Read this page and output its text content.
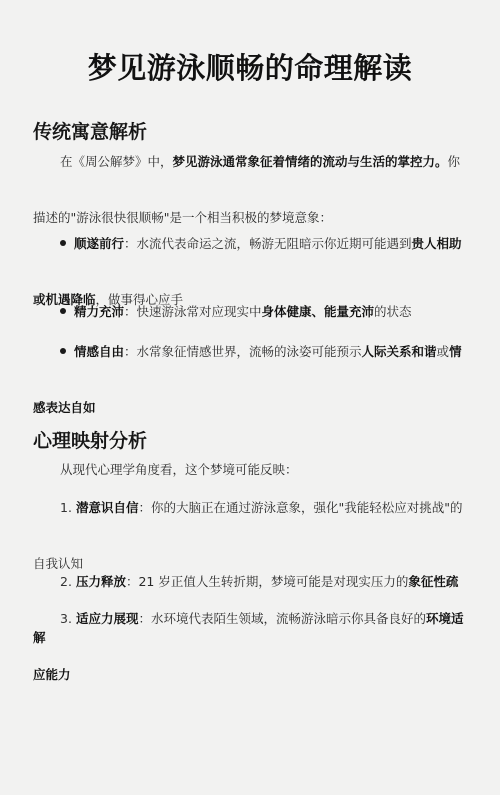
梦见游泳顺畅的命理解读
传统寓意解析
在《周公解梦》中，梦见游泳通常象征着情绪的流动与生活的掌控力。你描述的"游泳很快很顺畅"是一个相当积极的梦境意象：
顺遂前行：水流代表命运之流，畅游无阻暗示你近期可能遇到贵人相助或机遇降临，做事得心应手
精力充沛：快速游泳常对应现实中身体健康、能量充沛的状态
情感自由：水常象征情感世界，流畅的泳姿可能预示人际关系和谐或情感表达自如
心理映射分析
从现代心理学角度看，这个梦境可能反映：
1. 潜意识自信：你的大脑正在通过游泳意象，强化"我能轻松应对挑战"的自我认知
2. 压力释放：21 岁正值人生转折期，梦境可能是对现实压力的象征性疏解
3. 适应力展现：水环境代表陌生领域，流畅游泳暗示你具备良好的环境适应能力
